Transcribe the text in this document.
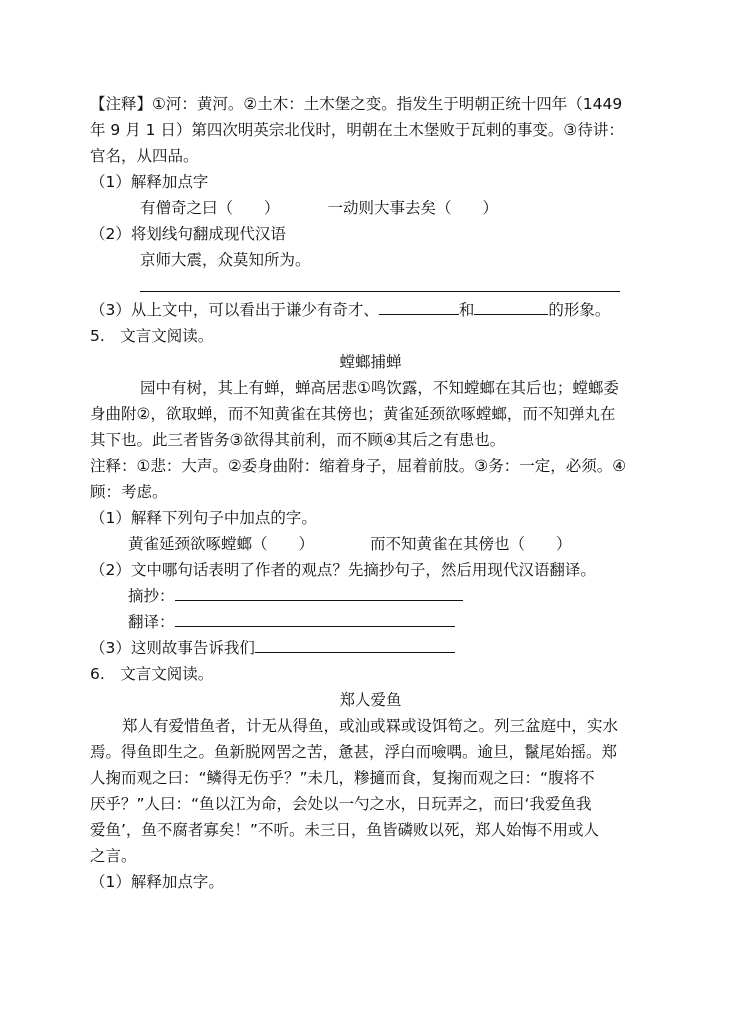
【注释】①河：黄河。②土木：土木堡之变。指发生于明朝正统十四年（1449
年 9 月 1 日）第四次明英宗北伐时，明朝在土木堡败于瓦剌的事变。③待讲：
官名，从四品。
（1）解释加点字
有僧奇之曰（　　）	一动则大事去矣（　　）
（2）将划线句翻成现代汉语
京师大震，众莫知所为。
（3）从上文中，可以看出于谦少有奇才、	和	的形象。
5.　文言文阅读。
螳螂捕蝉
园中有树，其上有蝉，蝉高居悲①鸣饮露，不知螳螂在其后也；螳螂委
身曲附②，欲取蝉，而不知黄雀在其傍也；黄雀延颈欲啄螳螂，而不知弹丸在
其下也。此三者皆务③欲得其前利，而不顾④其后之有患也。
注释：①悲：大声。②委身曲附：缩着身子，屈着前肢。③务：一定，必须。④
顾：考虑。
（1）解释下列句子中加点的字。
黄雀延颈欲啄螳螂（　　）	而不知黄雀在其傍也（　　）
（2）文中哪句话表明了作者的观点？先摘抄句子，然后用现代汉语翻译。
摘抄：
翻译：
（3）这则故事告诉我们
6.　文言文阅读。
郑人爱鱼
郑人有爱惜鱼者，计无从得鱼，或汕或罧或设饵笱之。列三盆庭中，实水
焉。得鱼即生之。鱼新脱网罟之苦，惫甚，浮白而噞喁。逾旦，鬣尾始摇。郑
人掬而观之曰：“鳞得无伤乎？”未几，糁擿而食，复掬而观之曰：“腹将不
厌乎？”人曰：“鱼以江为命，会处以一勺之水，日玩弄之，而曰‘我爱鱼我
爱鱼’，鱼不腐者寡矣！”不听。未三日，鱼皆磷败以死，郑人始悔不用或人
之言。
（1）解释加点字。
